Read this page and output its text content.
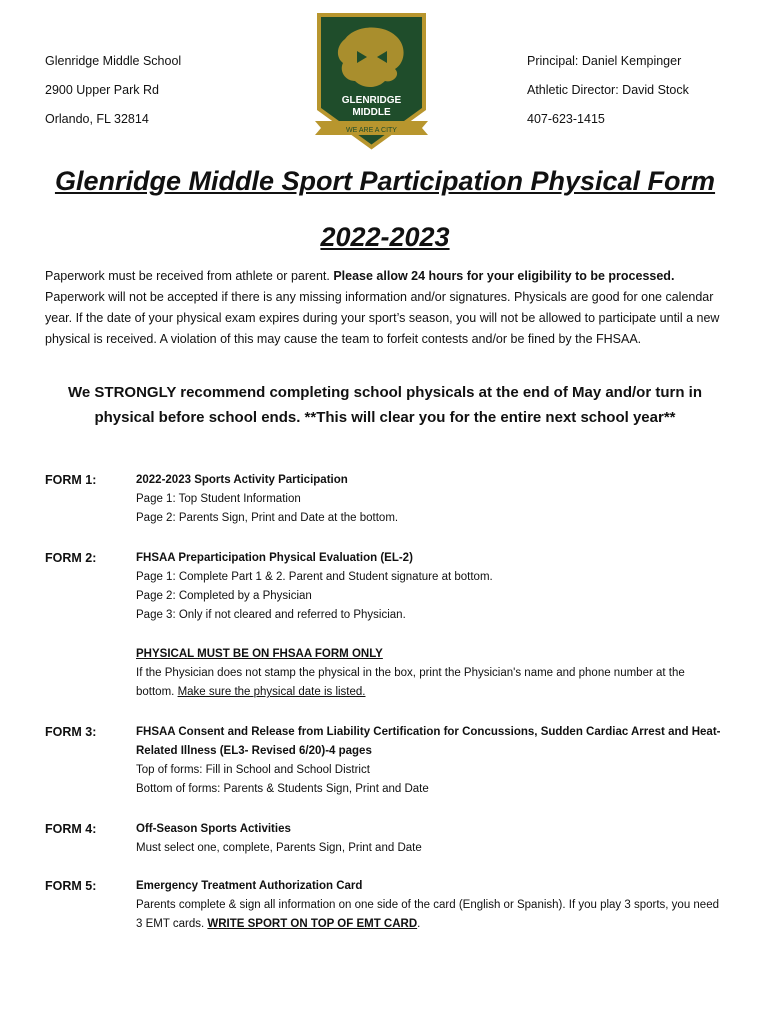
Glenridge Middle School
2900 Upper Park Rd
Orlando, FL 32814
GLENRIDGE
MIDDLE
WE ARE A CITY
Principal: Daniel Kempinger
Athletic Director: David Stock
407-623-1415
Glenridge Middle Sport Participation Physical Form
2022-2023
Paperwork must be received from athlete or parent. Please allow 24 hours for your eligibility to be processed. Paperwork will not be accepted if there is any missing information and/or signatures. Physicals are good for one calendar year. If the date of your physical exam expires during your sport’s season, you will not be allowed to participate until a new physical is received. A violation of this may cause the team to forfeit contests and/or be fined by the FHSAA.
We STRONGLY recommend completing school physicals at the end of May and/or turn in physical before school ends. **This will clear you for the entire next school year**
FORM 1:	2022-2023 Sports Activity Participation
Page 1: Top Student Information
Page 2: Parents Sign, Print and Date at the bottom.
FORM 2:	FHSAA Preparticipation Physical Evaluation (EL-2)
Page 1: Complete Part 1 & 2. Parent and Student signature at bottom.
Page 2: Completed by a Physician
Page 3: Only if not cleared and referred to Physician.
PHYSICAL MUST BE ON FHSAA FORM ONLY
If the Physician does not stamp the physical in the box, print the Physician's name and phone number at the bottom. Make sure the physical date is listed.
FORM 3:	FHSAA Consent and Release from Liability Certification for Concussions, Sudden Cardiac Arrest and Heat-Related Illness (EL3- Revised 6/20)-4 pages
Top of forms: Fill in School and School District
Bottom of forms: Parents & Students Sign, Print and Date
FORM 4:	Off-Season Sports Activities
Must select one, complete, Parents Sign, Print and Date
FORM 5:	Emergency Treatment Authorization Card
Parents complete & sign all information on one side of the card (English or Spanish). If you play 3 sports, you need 3 EMT cards. WRITE SPORT ON TOP OF EMT CARD.
